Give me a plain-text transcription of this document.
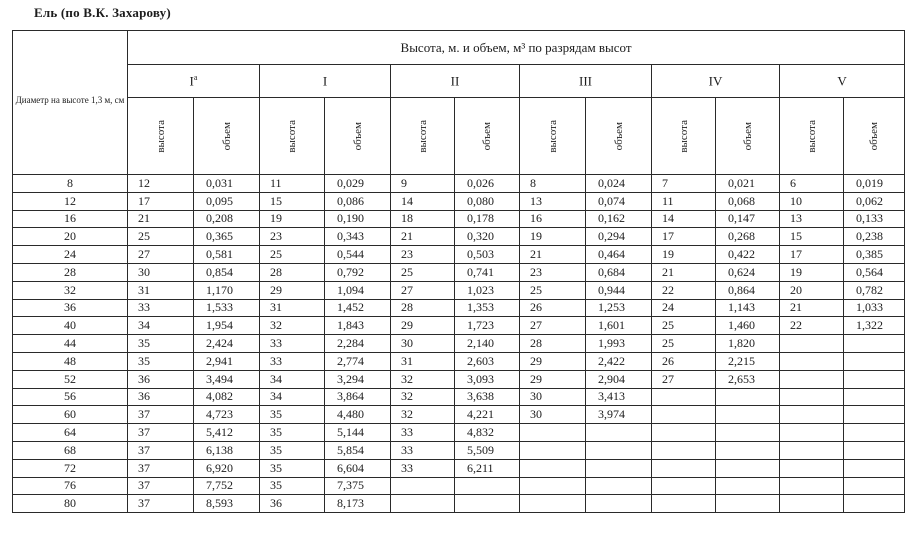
Ель (по В.К. Захарову)
Диаметр на высоте 1,3 м, см	Высота, м. и объем, м³ по разрядам высот											
	$I^а$		I		II		III		IV		V	

	высота	объем	высота	объем	высота	объем	высота	объем	высота	объем	высота	объем

8	12	0,031	11	0,029	9	0,026	8	0,024	7	0,021	6	0,019
12	17	0,095	15	0,086	14	0,080	13	0,074	11	0,068	10	0,062
16	21	0,208	19	0,190	18	0,178	16	0,162	14	0,147	13	0,133
20	25	0,365	23	0,343	21	0,320	19	0,294	17	0,268	15	0,238
24	27	0,581	25	0,544	23	0,503	21	0,464	19	0,422	17	0,385
28	30	0,854	28	0,792	25	0,741	23	0,684	21	0,624	19	0,564
32	31	1,170	29	1,094	27	1,023	25	0,944	22	0,864	20	0,782
36	33	1,533	31	1,452	28	1,353	26	1,253	24	1,143	21	1,033
40	34	1,954	32	1,843	29	1,723	27	1,601	25	1,460	22	1,322
44	35	2,424	33	2,284	30	2,140	28	1,993	25	1,820		
48	35	2,941	33	2,774	31	2,603	29	2,422	26	2,215		
52	36	3,494	34	3,294	32	3,093	29	2,904	27	2,653		
56	36	4,082	34	3,864	32	3,638	30	3,413				
60	37	4,723	35	4,480	32	4,221	30	3,974				
64	37	5,412	35	5,144	33	4,832						
68	37	6,138	35	5,854	33	5,509						
72	37	6,920	35	6,604	33	6,211						
76	37	7,752	35	7,375								
80	37	8,593	36	8,173								
